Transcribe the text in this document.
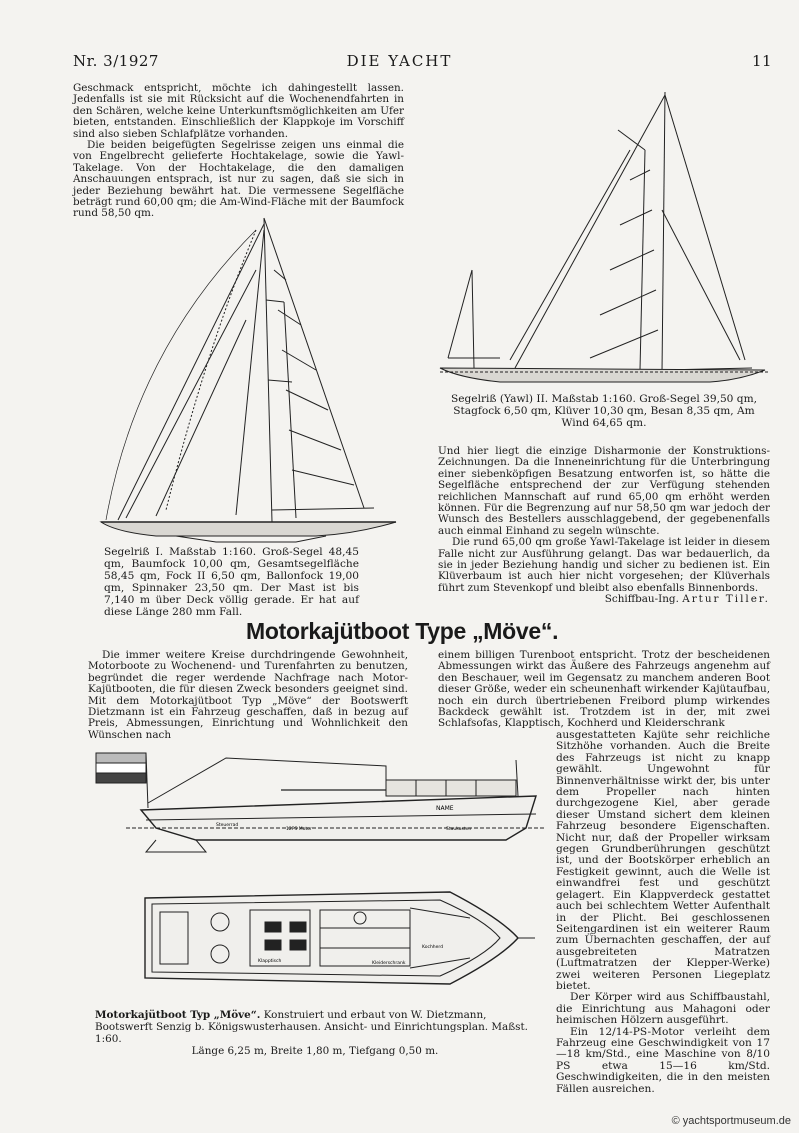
Nr. 3/1927	DIE YACHT	11

Geschmack entspricht, möchte ich dahingestellt lassen. Jedenfalls ist sie mit Rücksicht auf die Wochenendfahrten in den Schären, welche keine Unterkunftsmöglichkeiten am Ufer bieten, entstanden. Einschließlich der Klappkoje im Vorschiff sind also sieben Schlafplätze vorhanden.

Die beiden beigefügten Segelrisse zeigen uns einmal die von Engelbrecht gelieferte Hochtakelage, sowie die Yawl-Takelage. Von der Hochtakelage, die den damaligen Anschauungen entsprach, ist nur zu sagen, daß sie sich in jeder Beziehung bewährt hat. Die vermessene Segelfläche beträgt rund 60,00 qm; die Am-Wind-Fläche mit der Baumfock rund 58,50 qm.

Segelriß I. Maßstab 1:160. Groß-Segel 48,45 qm, Baumfock 10,00 qm, Gesamtsegelfläche 58,45 qm, Fock II 6,50 qm, Ballonfock 19,00 qm, Spinnaker 23,50 qm. Der Mast ist bis 7,140 m über Deck völlig gerade. Er hat auf diese Länge 280 mm Fall.
Segelriß (Yawl) II. Maßstab 1:160. Groß-Segel 39,50 qm, Stagfock 6,50 qm, Klüver 10,30 qm, Besan 8,35 qm, Am Wind 64,65 qm.

Und hier liegt die einzige Disharmonie der Konstruktions-Zeichnungen. Da die Inneneinrichtung für die Unterbringung einer siebenköpfigen Besatzung entworfen ist, so hätte die Segelfläche entsprechend der zur Verfügung stehenden reichlichen Mannschaft auf rund 65,00 qm erhöht werden können. Für die Begrenzung auf nur 58,50 qm war jedoch der Wunsch des Bestellers ausschlaggebend, der gegebenenfalls auch einmal Einhand zu segeln wünschte.

Die rund 65,00 qm große Yawl-Takelage ist leider in diesem Falle nicht zur Ausführung gelangt. Das war bedauerlich, da sie in jeder Beziehung handig und sicher zu bedienen ist. Ein Klüverbaum ist auch hier nicht vorgesehen; der Klüverhals führt zum Stevenkopf und bleibt also ebenfalls Binnenbords.

Schiffbau-Ing. Artur Tiller.
Motorkajütboot Type „Möve“.

Die immer weitere Kreise durchdringende Gewohnheit, Motorboote zu Wochenend- und Turenfahrten zu benutzen, begründet die reger werdende Nachfrage nach Motor-Kajütbooten, die für diesen Zweck besonders geeignet sind. Mit dem Motorkajütboot Typ „Möve“ der Bootswerft Dietzmann ist ein Fahrzeug geschaffen, daß in bezug auf Preis, Abmessungen, Einrichtung und Wohnlichkeit den Wünschen nach

einem billigen Turenboot entspricht. Trotz der bescheidenen Abmessungen wirkt das Äußere des Fahrzeugs angenehm auf den Beschauer, weil im Gegensatz zu manchem anderen Boot dieser Größe, weder ein scheunenhaft wirkender Kajütaufbau, noch ein durch übertriebenen Freibord plump wirkendes Backdeck gewählt ist. Trotzdem ist in der, mit zwei Schlafsofas, Klapptisch, Kochherd und Kleiderschrank

ausgestatteten Kajüte sehr reichliche Sitzhöhe vorhanden. Auch die Breite des Fahrzeugs ist nicht zu knapp gewählt. Ungewohnt für Binnenverhältnisse wirkt der, bis unter dem Propeller nach hinten durchgezogene Kiel, aber gerade dieser Umstand sichert dem kleinen Fahrzeug besondere Eigenschaften. Nicht nur, daß der Propeller wirksam gegen Grundberührungen geschützt ist, und der Bootskörper erheblich an Festigkeit gewinnt, auch die Welle ist einwandfrei fest und geschützt gelagert. Ein Klappverdeck gestattet auch bei schlechtem Wetter Aufenthalt in der Plicht. Bei geschlossenen Seitengardinen ist ein weiterer Raum zum Übernachten geschaffen, der auf ausgebreiteten Matratzen (Luftmatratzen der Klepper-Werke) zwei weiteren Personen Liegeplatz bietet.

Der Körper wird aus Schiffbaustahl, die Einrichtung aus Mahagoni oder heimischen Hölzern ausgeführt.

Ein 12/14-PS-Motor verleiht dem Fahrzeug eine Geschwindigkeit von 17—18 km/Std., eine Maschine von 8/10 PS etwa 15—16 km/Std. Geschwindigkeiten, die in den meisten Fällen ausreichen.

NAME
Steuerrad
12PS Motor	Staukasten
Kleiderschrank
Kochherd
Klapptisch
Motorkajütboot Typ „Möve“. Konstruiert und erbaut von W. Dietzmann, Bootswerft Senzig b. Königswusterhausen. Ansicht- und Einrichtungsplan. Maßst. 1:60.
Länge 6,25 m, Breite 1,80 m, Tiefgang 0,50 m.
© yachtsportmuseum.de
